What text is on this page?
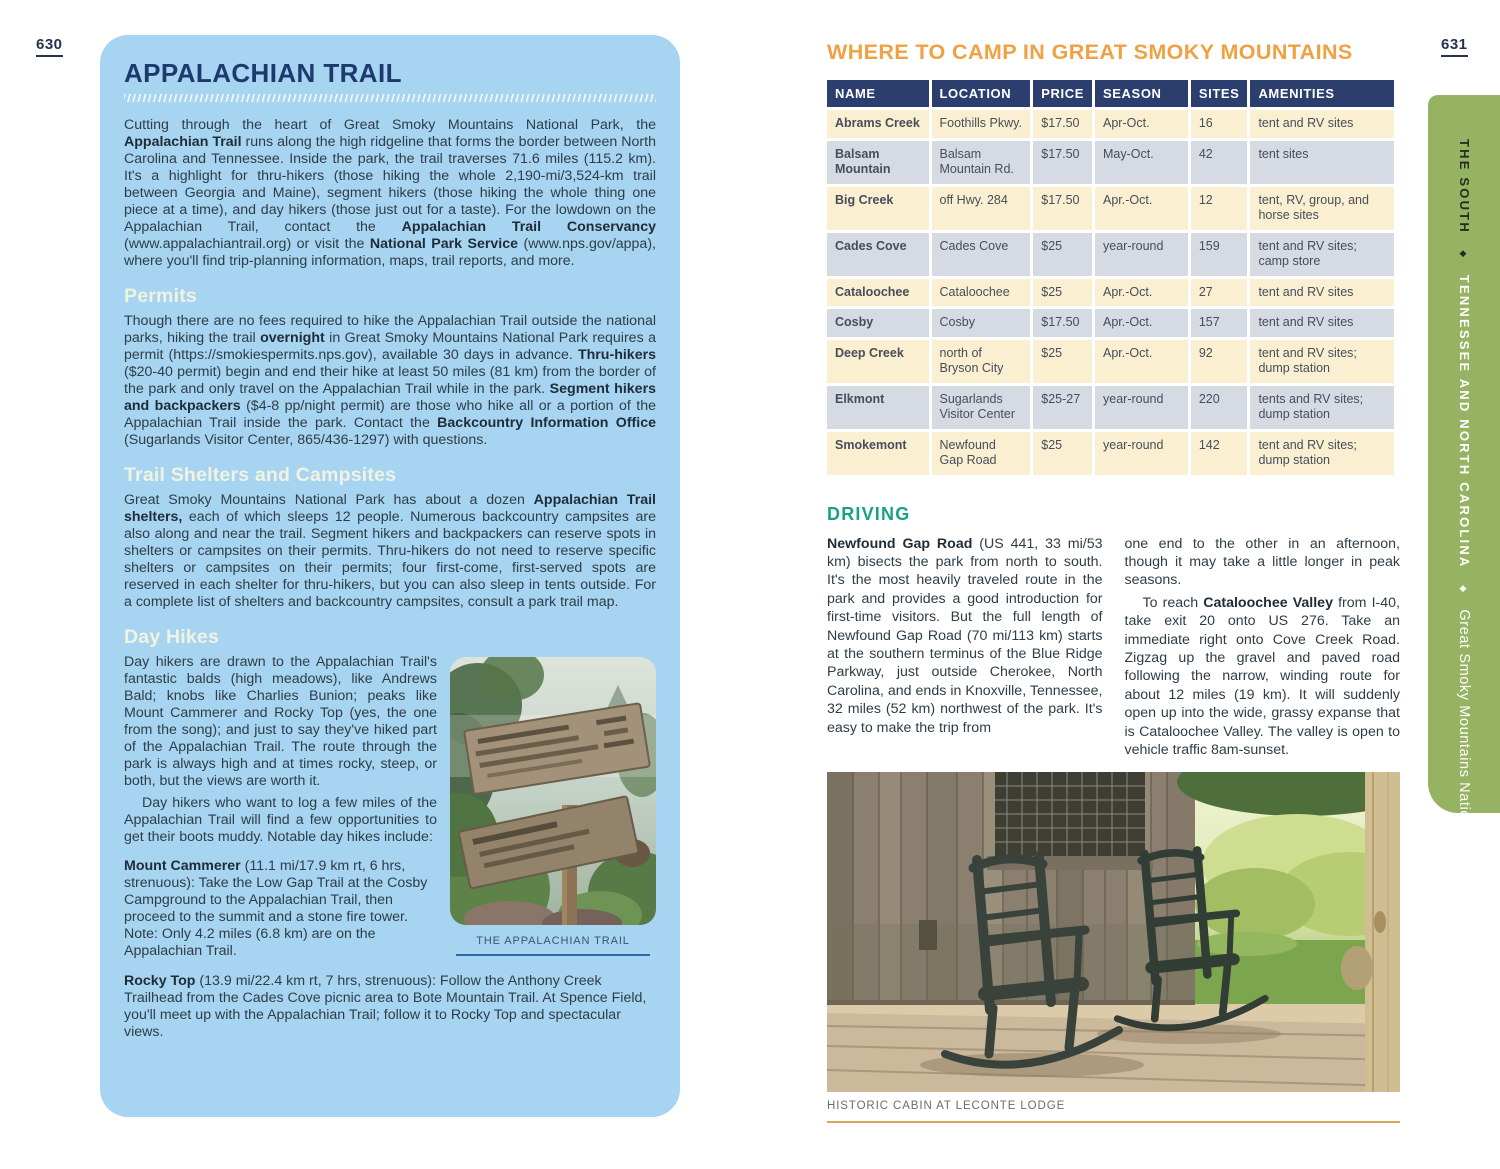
630	631
APPALACHIAN TRAIL

Cutting through the heart of Great Smoky Mountains National Park, the Appalachian Trail runs along the high ridgeline that forms the border between North Carolina and Tennessee. Inside the park, the trail traverses 71.6 miles (115.2 km). It's a highlight for thru-hikers (those hiking the whole 2,190-mi/3,524-km trail between Georgia and Maine), segment hikers (those hiking the whole thing one piece at a time), and day hikers (those just out for a taste). For the lowdown on the Appalachian Trail, contact the Appalachian Trail Conservancy (www.appalachiantrail.org) or visit the National Park Service (www.nps.gov/appa), where you'll find trip-planning information, maps, trail reports, and more.

Permits

Though there are no fees required to hike the Appalachian Trail outside the national parks, hiking the trail overnight in Great Smoky Mountains National Park requires a permit (https://smokiespermits.nps.gov), available 30 days in advance. Thru-hikers ($20-40 permit) begin and end their hike at least 50 miles (81 km) from the border of the park and only travel on the Appalachian Trail while in the park. Segment hikers and backpackers ($4-8 pp/night permit) are those who hike all or a portion of the Appalachian Trail inside the park. Contact the Backcountry Information Office (Sugarlands Visitor Center, 865/436-1297) with questions.

Trail Shelters and Campsites

Great Smoky Mountains National Park has about a dozen Appalachian Trail shelters, each of which sleeps 12 people. Numerous backcountry campsites are also along and near the trail. Segment hikers and backpackers can reserve spots in shelters or campsites on their permits. Thru-hikers do not need to reserve specific shelters or campsites on their permits; four first-come, first-served spots are reserved in each shelter for thru-hikers, but you can also sleep in tents outside. For a complete list of shelters and backcountry campsites, consult a park trail map.

Day Hikes
THE APPALACHIAN TRAIL

Day hikers are drawn to the Appalachian Trail's fantastic balds (high meadows), like Andrews Bald; knobs like Charlies Bunion; peaks like Mount Cammerer and Rocky Top (yes, the one from the song); and just to say they've hiked part of the Appalachian Trail. The route through the park is always high and at times rocky, steep, or both, but the views are worth it.

Day hikers who want to log a few miles of the Appalachian Trail will find a few opportunities to get their boots muddy. Notable day hikes include:

Mount Cammerer (11.1 mi/17.9 km rt, 6 hrs, strenuous): Take the Low Gap Trail at the Cosby Campground to the Appalachian Trail, then proceed to the summit and a stone fire tower. Note: Only 4.2 miles (6.8 km) are on the Appalachian Trail.

Rocky Top (13.9 mi/22.4 km rt, 7 hrs, strenuous): Follow the Anthony Creek Trailhead from the Cades Cove picnic area to Bote Mountain Trail. At Spence Field, you'll meet up with the Appalachian Trail; follow it to Rocky Top and spectacular views.

WHERE TO CAMP IN GREAT SMOKY MOUNTAINS
NAME	LOCATION	PRICE	SEASON	SITES	AMENITIES
Abrams Creek	Foothills Pkwy.	$17.50	Apr-Oct.	16	tent and RV sites
Balsam Mountain	Balsam Mountain Rd.	$17.50	May-Oct.	42	tent sites
Big Creek	off Hwy. 284	$17.50	Apr.-Oct.	12	tent, RV, group, and horse sites
Cades Cove	Cades Cove	$25	year-round	159	tent and RV sites; camp store
Cataloochee	Cataloochee	$25	Apr.-Oct.	27	tent and RV sites
Cosby	Cosby	$17.50	Apr.-Oct.	157	tent and RV sites
Deep Creek	north of Bryson City	$25	Apr.-Oct.	92	tent and RV sites; dump station
Elkmont	Sugarlands Visitor Center	$25-27	year-round	220	tents and RV sites; dump station
Smokemont	Newfound Gap Road	$25	year-round	142	tent and RV sites; dump station
DRIVING

Newfound Gap Road (US 441, 33 mi/53 km) bisects the park from north to south. It's the most heavily traveled route in the park and provides a good introduction for first-time visitors. But the full length of Newfound Gap Road (70 mi/113 km) starts at the southern terminus of the Blue Ridge Parkway, just outside Cherokee, North Carolina, and ends in Knoxville, Tennessee, 32 miles (52 km) northwest of the park. It's easy to make the trip from

one end to the other in an afternoon, though it may take a little longer in peak seasons.

To reach Cataloochee Valley from I-40, take exit 20 onto US 276. Take an immediate right onto Cove Creek Road. Zigzag up the gravel and paved road following the narrow, winding route for about 12 miles (19 km). It will suddenly open up into the wide, grassy expanse that is Cataloochee Valley. The valley is open to vehicle traffic 8am-sunset.

HISTORIC CABIN AT LECONTE LODGE
THE SOUTH ◆ TENNESSEE AND NORTH CAROLINA ◆ Great Smoky Mountains National Park
